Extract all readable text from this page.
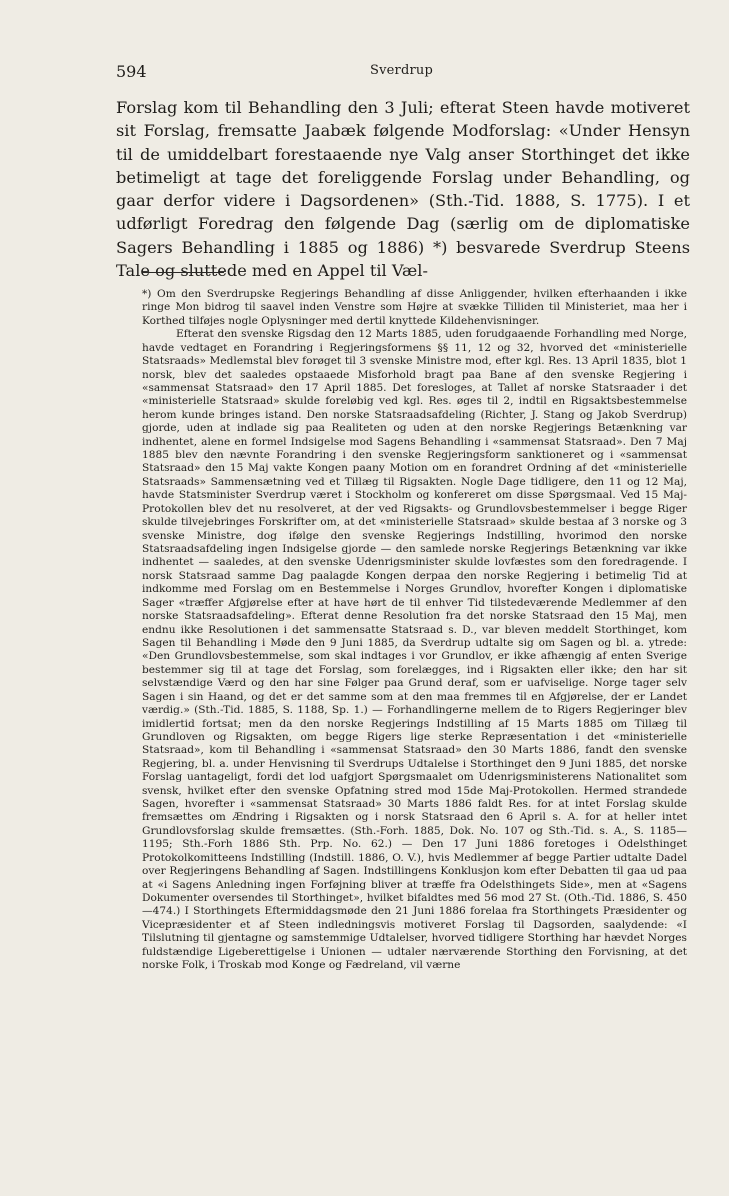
594	Sverdrup
Forslag kom til Behandling den 3 Juli; efterat Steen havde motiveret sit Forslag, fremsatte Jaabæk følgende Modforslag: «Under Hensyn til de umiddelbart forestaaende nye Valg anser Storthinget det ikke betimeligt at tage det foreliggende Forslag under Behandling, og gaar derfor videre i Dagsordenen» (Sth.-Tid. 1888, S. 1775). I et udførligt Foredrag den følgende Dag (særlig om de diplomatiske Sagers Behandling i 1885 og 1886) *) besvarede Sverdrup Steens Tale og sluttede med en Appel til Væl-

*) Om den Sverdrupske Regjerings Behandling af disse Anliggender, hvilken efterhaanden i ikke ringe Mon bidrog til saavel inden Venstre som Højre at svække Tilliden til Ministeriet, maa her i Korthed tilføjes nogle Oplysninger med dertil knyttede Kildehenvisninger.

Efterat den svenske Rigsdag den 12 Marts 1885, uden forudgaaende Forhandling med Norge, havde vedtaget en Forandring i Regjeringsformens §§ 11, 12 og 32, hvorved det «ministerielle Statsraads» Medlemstal blev forøget til 3 svenske Ministre mod, efter kgl. Res. 13 April 1835, blot 1 norsk, blev det saaledes opstaaede Misforhold bragt paa Bane af den svenske Regjering i «sammensat Statsraad» den 17 April 1885. Det foresloges, at Tallet af norske Statsraader i det «ministerielle Statsraad» skulde foreløbig ved kgl. Res. øges til 2, indtil en Rigsaktsbestemmelse herom kunde bringes istand. Den norske Statsraadsafdeling (Richter, J. Stang og Jakob Sverdrup) gjorde, uden at indlade sig paa Realiteten og uden at den norske Regjerings Betænkning var indhentet, alene en formel Indsigelse mod Sagens Behandling i «sammensat Statsraad». Den 7 Maj 1885 blev den nævnte Forandring i den svenske Regjeringsform sanktioneret og i «sammensat Statsraad» den 15 Maj vakte Kongen paany Motion om en forandret Ordning af det «ministerielle Statsraads» Sammensætning ved et Tillæg til Rigsakten. Nogle Dage tidligere, den 11 og 12 Maj, havde Statsminister Sverdrup været i Stockholm og konfereret om disse Spørgsmaal. Ved 15 Maj-Protokollen blev det nu resolveret, at der ved Rigsakts- og Grundlovsbestemmelser i begge Riger skulde tilvejebringes Forskrifter om, at det «ministerielle Statsraad» skulde bestaa af 3 norske og 3 svenske Ministre, dog ifølge den svenske Regjerings Indstilling, hvorimod den norske Statsraadsafdeling ingen Indsigelse gjorde — den samlede norske Regjerings Betænkning var ikke indhentet — saaledes, at den svenske Udenrigsminister skulde lovfæstes som den foredragende. I norsk Statsraad samme Dag paalagde Kongen derpaa den norske Regjering i betimelig Tid at indkomme med Forslag om en Bestemmelse i Norges Grundlov, hvorefter Kongen i diplomatiske Sager «træffer Afgjørelse efter at have hørt de til enhver Tid tilstedeværende Medlemmer af den norske Statsraadsafdeling». Efterat denne Resolution fra det norske Statsraad den 15 Maj, men endnu ikke Resolutionen i det sammensatte Statsraad s. D., var bleven meddelt Storthinget, kom Sagen til Behandling i Møde den 9 Juni 1885, da Sverdrup udtalte sig om Sagen og bl. a. ytrede: «Den Grundlovsbestemmelse, som skal indtages i vor Grundlov, er ikke afhængig af enten Sverige bestemmer sig til at tage det Forslag, som forelægges, ind i Rigsakten eller ikke; den har sit selvstændige Værd og den har sine Følger paa Grund deraf, som er uafviselige. Norge tager selv Sagen i sin Haand, og det er det samme som at den maa fremmes til en Afgjørelse, der er Landet værdig.» (Sth.-Tid. 1885, S. 1188, Sp. 1.) — Forhandlingerne mellem de to Rigers Regjeringer blev imidlertid fortsat; men da den norske Regjerings Indstilling af 15 Marts 1885 om Tillæg til Grundloven og Rigsakten, om begge Rigers lige sterke Repræsentation i det «ministerielle Statsraad», kom til Behandling i «sammensat Statsraad» den 30 Marts 1886, fandt den svenske Regjering, bl. a. under Henvisning til Sverdrups Udtalelse i Storthinget den 9 Juni 1885, det norske Forslag uantageligt, fordi det lod uafgjort Spørgsmaalet om Udenrigsministerens Nationalitet som svensk, hvilket efter den svenske Opfatning stred mod 15de Maj-Protokollen. Hermed strandede Sagen, hvorefter i «sammensat Statsraad» 30 Marts 1886 faldt Res. for at intet Forslag skulde fremsættes om Ændring i Rigsakten og i norsk Statsraad den 6 April s. A. for at heller intet Grundlovsforslag skulde fremsættes. (Sth.-Forh. 1885, Dok. No. 107 og Sth.-Tid. s. A., S. 1185—1195; Sth.-Forh 1886 Sth. Prp. No. 62.) — Den 17 Juni 1886 foretoges i Odelsthinget Protokolkomitteens Indstilling (Indstill. 1886, O. V.), hvis Medlemmer af begge Partier udtalte Dadel over Regjeringens Behandling af Sagen. Indstillingens Konklusjon kom efter Debatten til gaa ud paa at «i Sagens Anledning ingen Forføjning bliver at træffe fra Odelsthingets Side», men at «Sagens Dokumenter oversendes til Storthinget», hvilket bifaldtes med 56 mod 27 St. (Oth.-Tid. 1886, S. 450—474.) I Storthingets Eftermiddagsmøde den 21 Juni 1886 forelaa fra Storthingets Præsidenter og Vicepræsidenter et af Steen indledningsvis motiveret Forslag til Dagsorden, saalydende: «I Tilslutning til gjentagne og samstemmige Udtalelser, hvorved tidligere Storthing har hævdet Norges fuldstændige Ligeberettigelse i Unionen — udtaler nærværende Storthing den Forvisning, at det norske Folk, i Troskab mod Konge og Fædreland, vil værne
